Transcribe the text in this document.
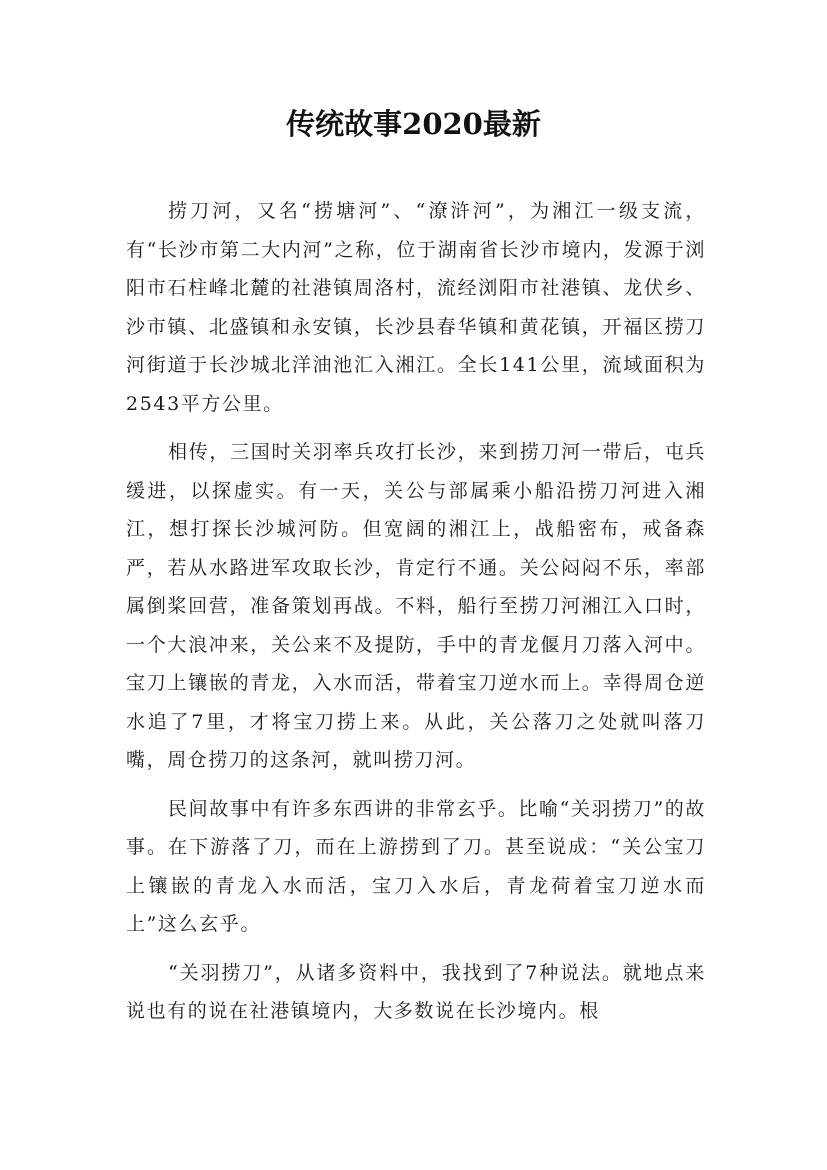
传统故事2020最新

捞刀河，又名“捞塘河”、“潦浒河”，为湘江一级支流，有“长沙市第二大内河”之称，位于湖南省长沙市境内，发源于浏阳市石柱峰北麓的社港镇周洛村，流经浏阳市社港镇、龙伏乡、沙市镇、北盛镇和永安镇，长沙县春华镇和黄花镇，开福区捞刀河街道于长沙城北洋油池汇入湘江。全长141公里，流域面积为2543平方公里。

相传，三国时关羽率兵攻打长沙，来到捞刀河一带后，屯兵缓进，以探虚实。有一天，关公与部属乘小船沿捞刀河进入湘江，想打探长沙城河防。但宽阔的湘江上，战船密布，戒备森严，若从水路进军攻取长沙，肯定行不通。关公闷闷不乐，率部属倒桨回营，准备策划再战。不料，船行至捞刀河湘江入口时，一个大浪冲来，关公来不及提防，手中的青龙偃月刀落入河中。宝刀上镶嵌的青龙，入水而活，带着宝刀逆水而上。幸得周仓逆水追了7里，才将宝刀捞上来。从此，关公落刀之处就叫落刀嘴，周仓捞刀的这条河，就叫捞刀河。

民间故事中有许多东西讲的非常玄乎。比喻“关羽捞刀”的故事。在下游落了刀，而在上游捞到了刀。甚至说成：“关公宝刀上镶嵌的青龙入水而活，宝刀入水后，青龙荷着宝刀逆水而上”这么玄乎。

“关羽捞刀”，从诸多资料中，我找到了7种说法。就地点来说也有的说在社港镇境内，大多数说在长沙境内。根
